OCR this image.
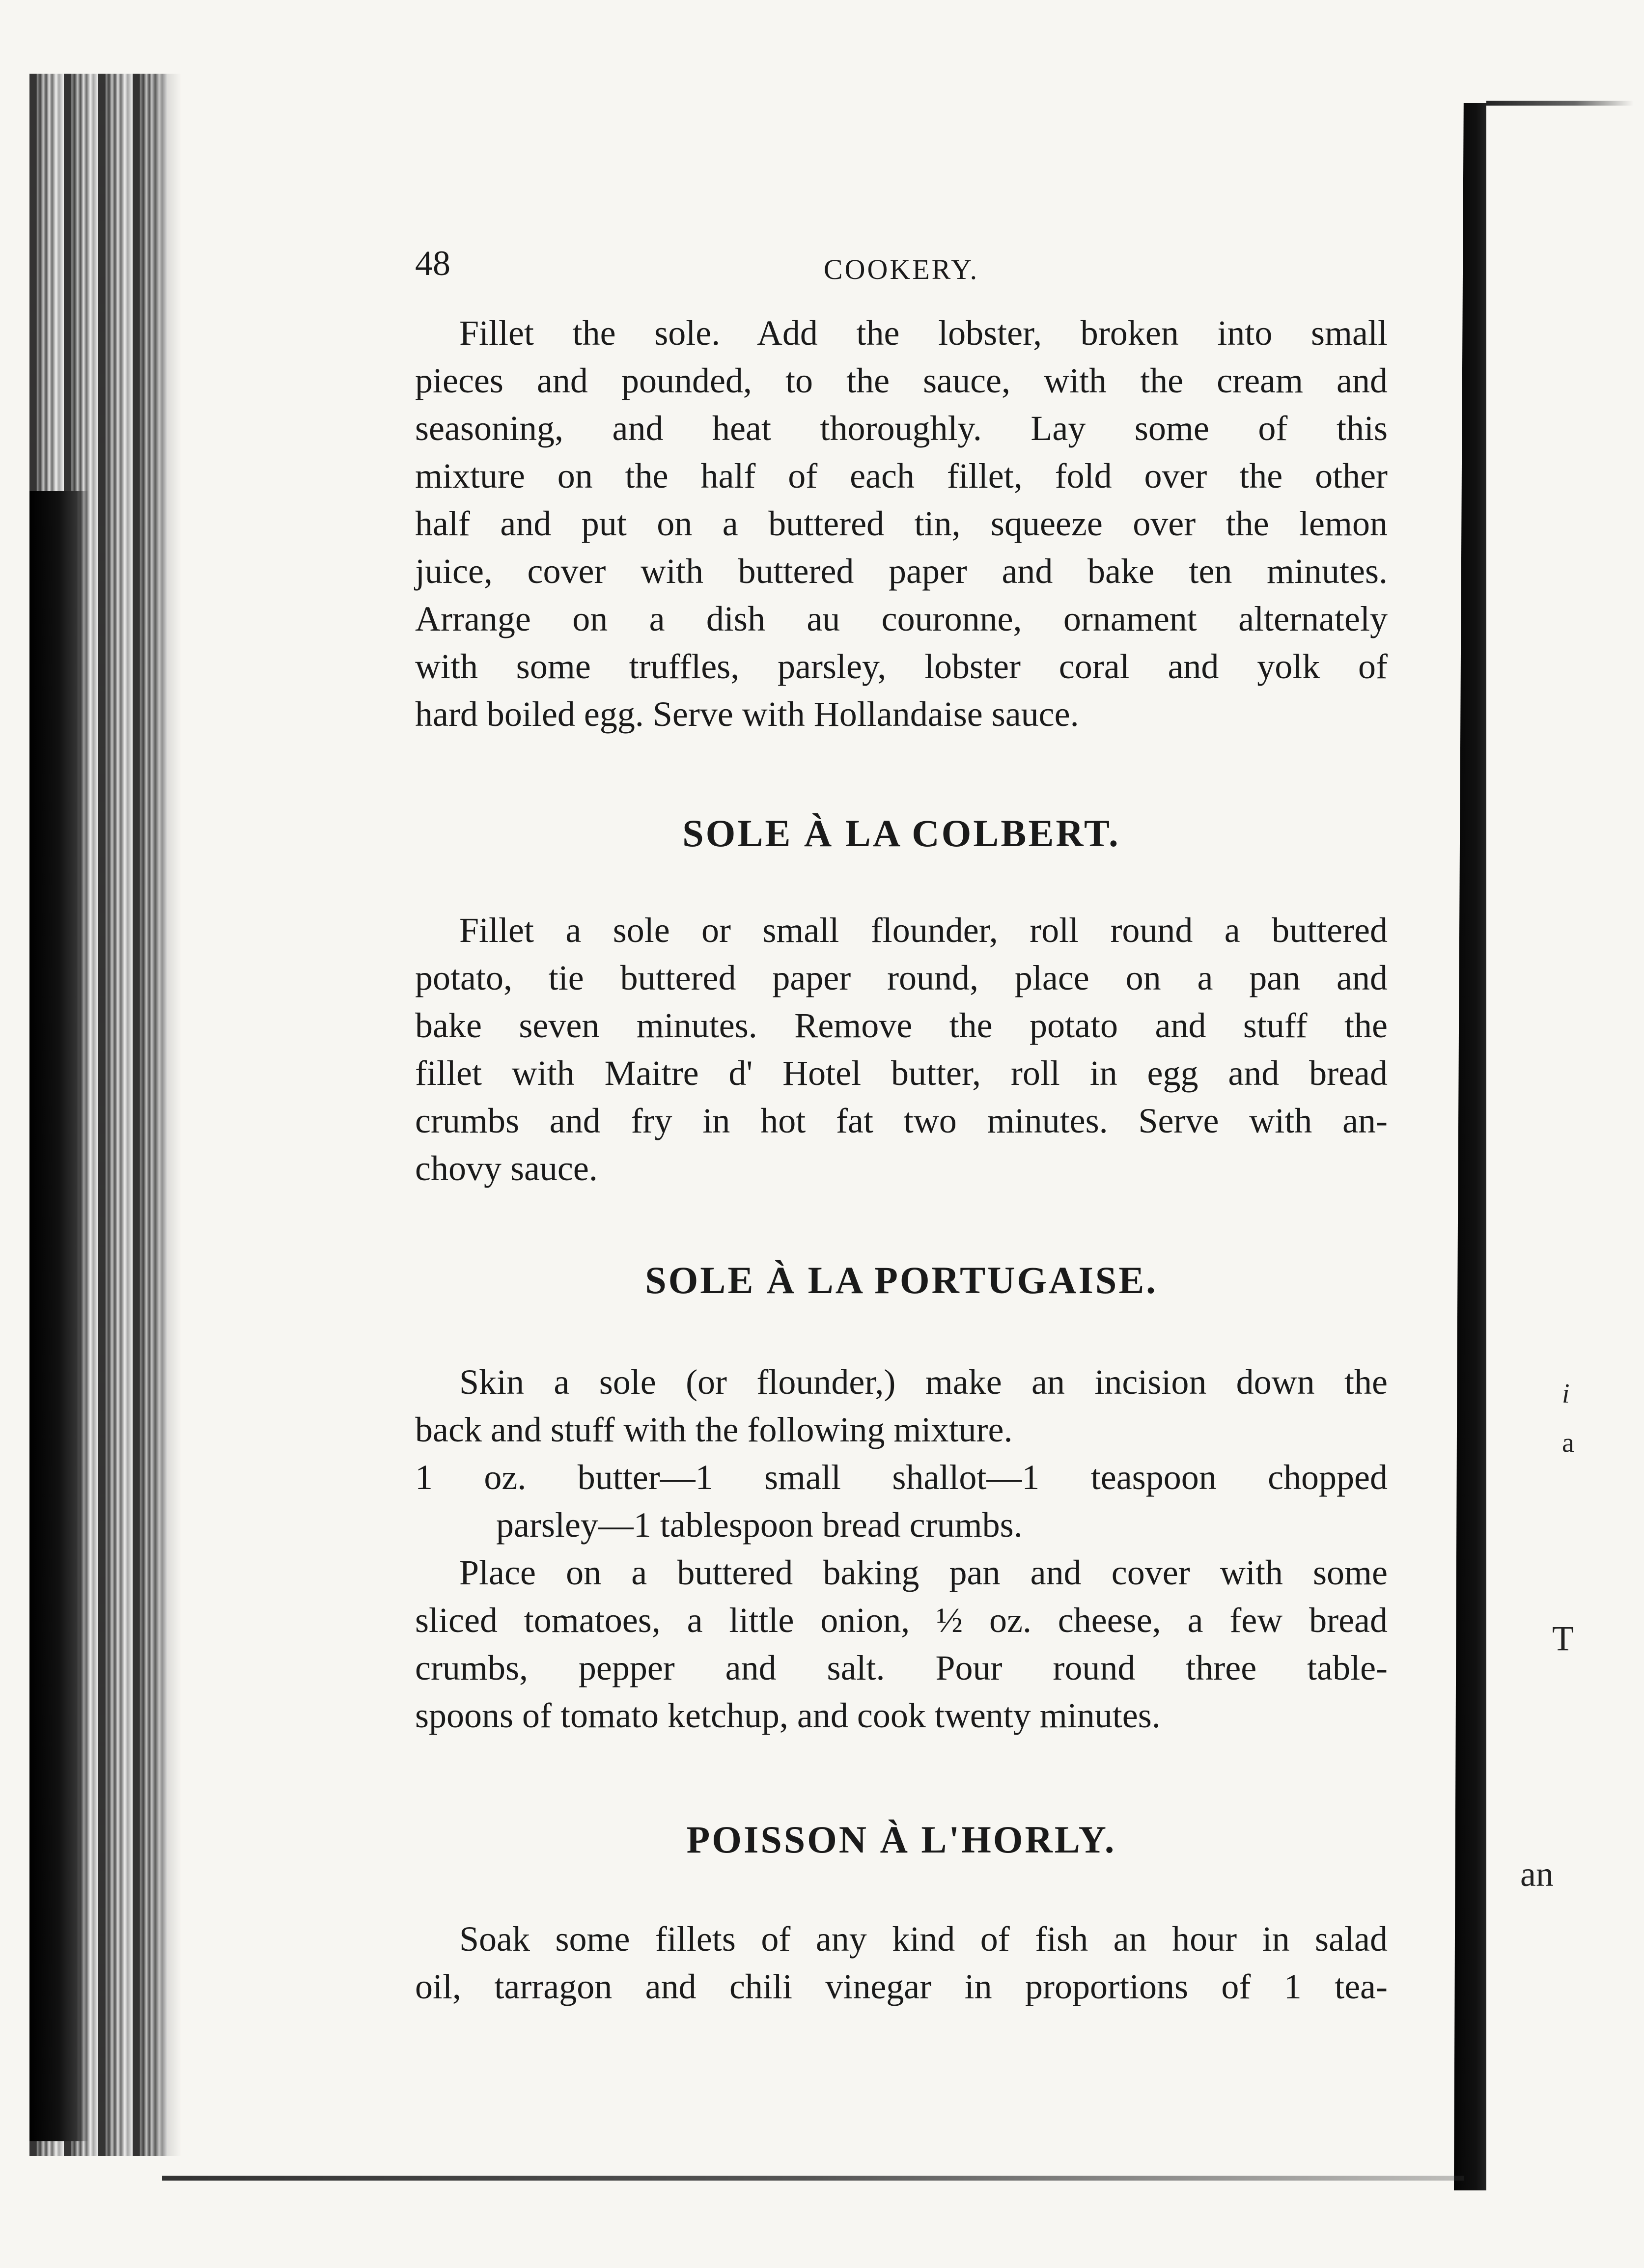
48	COOKERY.

Fillet the sole. Add the lobster, broken into small
pieces and pounded, to the sauce, with the cream and
seasoning, and heat thoroughly. Lay some of this
mixture on the half of each fillet, fold over the other
half and put on a buttered tin, squeeze over the lemon
juice, cover with buttered paper and bake ten minutes.
Arrange on a dish au couronne, ornament alternately
with some truffles, parsley, lobster coral and yolk of
hard boiled egg. Serve with Hollandaise sauce.

SOLE À LA COLBERT.

Fillet a sole or small flounder, roll round a buttered
potato, tie buttered paper round, place on a pan and
bake seven minutes. Remove the potato and stuff the
fillet with Maitre d' Hotel butter, roll in egg and bread
crumbs and fry in hot fat two minutes. Serve with an-
chovy sauce.

SOLE À LA PORTUGAISE.

Skin a sole (or flounder,) make an incision down the
back and stuff with the following mixture.
1 oz. butter—1 small shallot—1 teaspoon chopped
parsley—1 tablespoon bread crumbs.
Place on a buttered baking pan and cover with some
sliced tomatoes, a little onion, ½ oz. cheese, a few bread
crumbs, pepper and salt. Pour round three table-
spoons of tomato ketchup, and cook twenty minutes.

POISSON À L'HORLY.

Soak some fillets of any kind of fish an hour in salad
oil, tarragon and chili vinegar in proportions of 1 tea-

i
a
T
an
